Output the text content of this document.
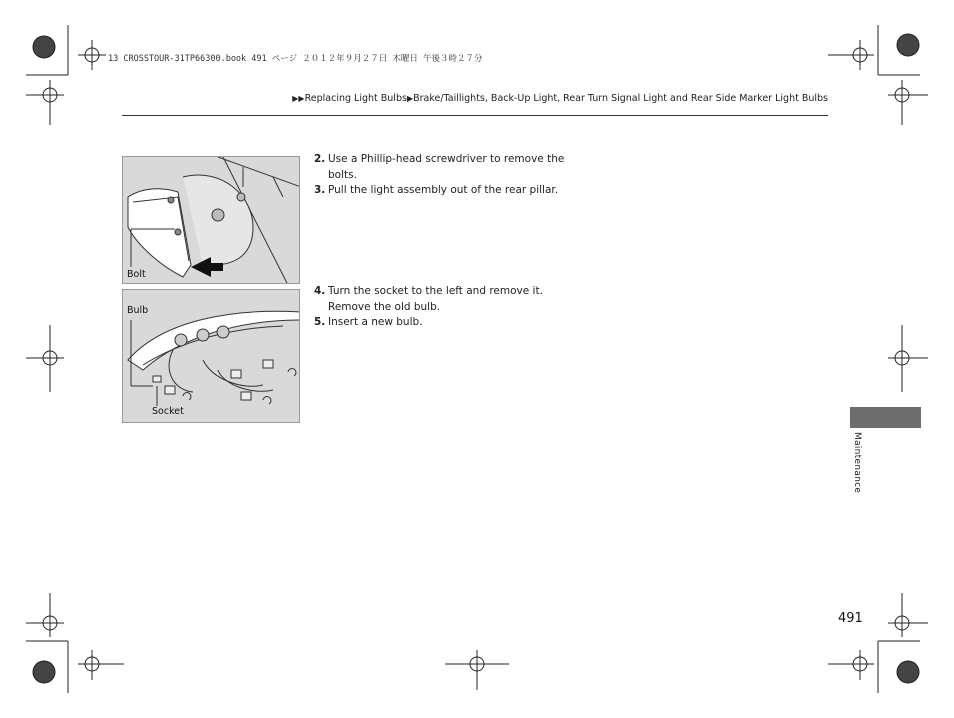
13 CROSSTOUR-31TP66300.book 491 ページ ２０１２年９月２７日 木曜日 午後３時２７分
▶▶Replacing Light Bulbs▶Brake/Taillights, Back-Up Light, Rear Turn Signal Light and Rear Side Marker Light Bulbs
Bolt
Bulb
Socket
2. Use a Phillip-head screwdriver to remove the bolts.
3. Pull the light assembly out of the rear pillar.
4. Turn the socket to the left and remove it. Remove the old bulb.
5. Insert a new bulb.
Maintenance
491
